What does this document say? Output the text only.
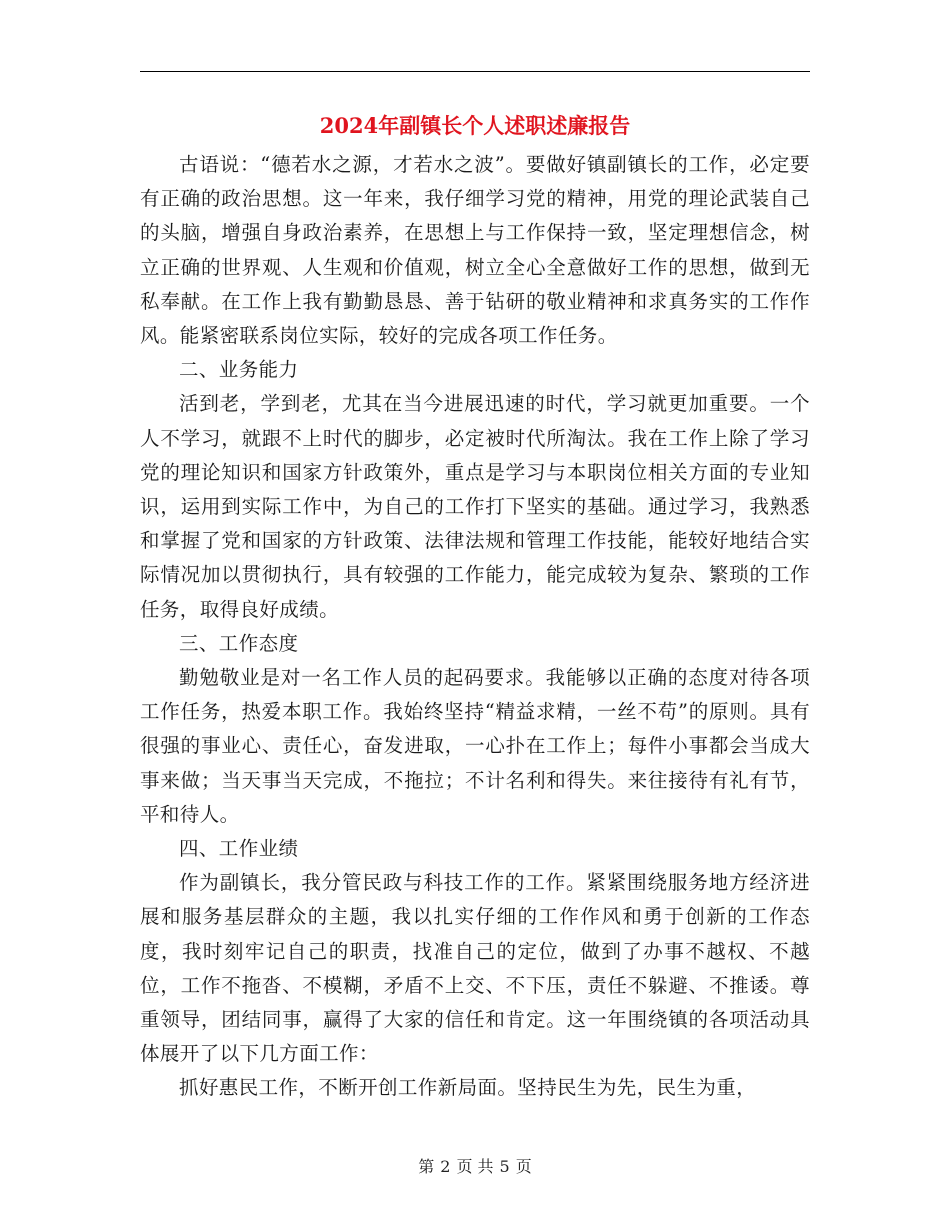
2024年副镇长个人述职述廉报告

古语说：“德若水之源，才若水之波”。要做好镇副镇长的工作，必定要有正确的政治思想。这一年来，我仔细学习党的精神，用党的理论武装自己的头脑，增强自身政治素养，在思想上与工作保持一致，坚定理想信念，树立正确的世界观、人生观和价值观，树立全心全意做好工作的思想，做到无私奉献。在工作上我有勤勤恳恳、善于钻研的敬业精神和求真务实的工作作风。能紧密联系岗位实际，较好的完成各项工作任务。

二、业务能力

活到老，学到老，尤其在当今进展迅速的时代，学习就更加重要。一个人不学习，就跟不上时代的脚步，必定被时代所淘汰。我在工作上除了学习党的理论知识和国家方针政策外，重点是学习与本职岗位相关方面的专业知识，运用到实际工作中，为自己的工作打下坚实的基础。通过学习，我熟悉和掌握了党和国家的方针政策、法律法规和管理工作技能，能较好地结合实际情况加以贯彻执行，具有较强的工作能力，能完成较为复杂、繁琐的工作任务，取得良好成绩。

三、工作态度

勤勉敬业是对一名工作人员的起码要求。我能够以正确的态度对待各项工作任务，热爱本职工作。我始终坚持“精益求精，一丝不苟”的原则。具有很强的事业心、责任心，奋发进取，一心扑在工作上；每件小事都会当成大事来做；当天事当天完成，不拖拉；不计名利和得失。来往接待有礼有节，平和待人。

四、工作业绩

作为副镇长，我分管民政与科技工作的工作。紧紧围绕服务地方经济进展和服务基层群众的主题，我以扎实仔细的工作作风和勇于创新的工作态度，我时刻牢记自己的职责，找准自己的定位，做到了办事不越权、不越位，工作不拖沓、不模糊，矛盾不上交、不下压，责任不躲避、不推诿。尊重领导，团结同事，赢得了大家的信任和肯定。这一年围绕镇的各项活动具体展开了以下几方面工作：

抓好惠民工作，不断开创工作新局面。坚持民生为先，民生为重，

第 2 页 共 5 页
